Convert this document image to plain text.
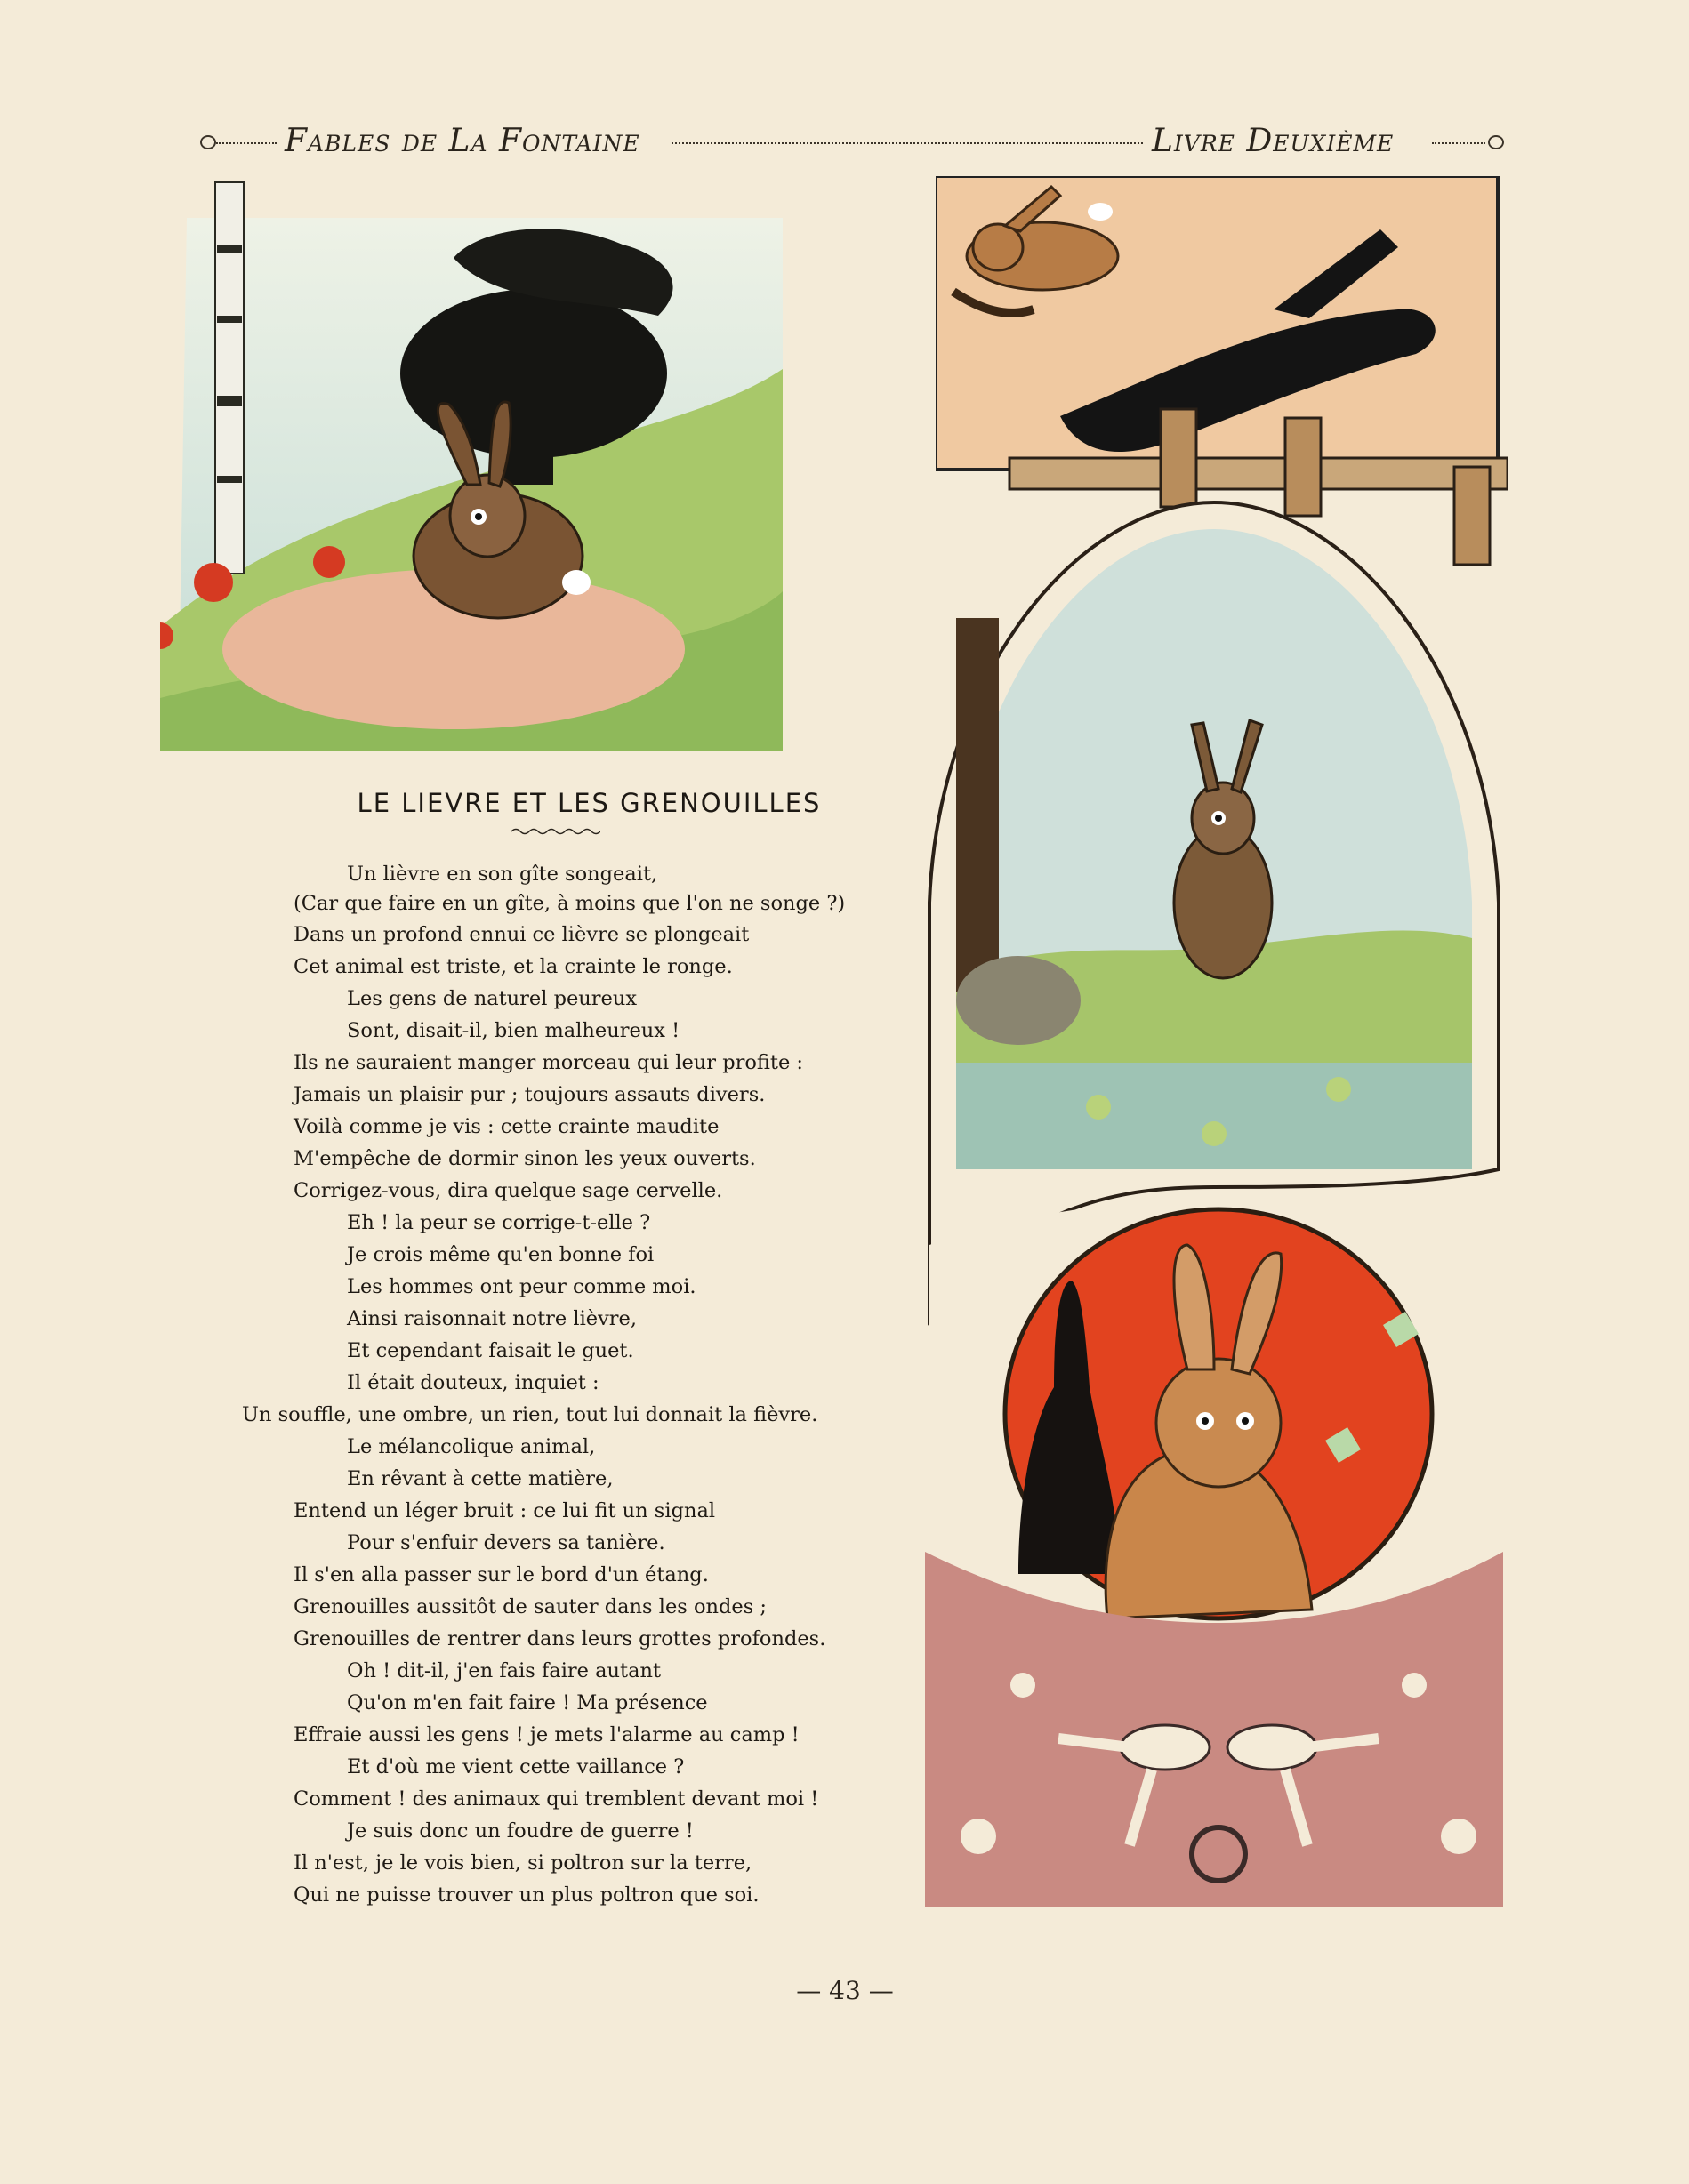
Fables de La Fontaine	Livre Deuxième
LE LIEVRE ET LES GRENOUILLES
Un lièvre en son gîte songeait,
(Car que faire en un gîte, à moins que l'on ne songe ?)
Dans un profond ennui ce lièvre se plongeait
Cet animal est triste, et la crainte le ronge.
Les gens de naturel peureux
Sont, disait-il, bien malheureux !
Ils ne sauraient manger morceau qui leur profite :
Jamais un plaisir pur ; toujours assauts divers.
Voilà comme je vis : cette crainte maudite
M'empêche de dormir sinon les yeux ouverts.
Corrigez-vous, dira quelque sage cervelle.
Eh ! la peur se corrige-t-elle ?
Je crois même qu'en bonne foi
Les hommes ont peur comme moi.
Ainsi raisonnait notre lièvre,
Et cependant faisait le guet.
Il était douteux, inquiet :
Un souffle, une ombre, un rien, tout lui donnait la fièvre.
Le mélancolique animal,
En rêvant à cette matière,
Entend un léger bruit : ce lui fit un signal
Pour s'enfuir devers sa tanière.
Il s'en alla passer sur le bord d'un étang.
Grenouilles aussitôt de sauter dans les ondes ;
Grenouilles de rentrer dans leurs grottes profondes.
Oh ! dit-il, j'en fais faire autant
Qu'on m'en fait faire ! Ma présence
Effraie aussi les gens ! je mets l'alarme au camp !
Et d'où me vient cette vaillance ?
Comment ! des animaux qui tremblent devant moi !
Je suis donc un foudre de guerre !
Il n'est, je le vois bien, si poltron sur la terre,
Qui ne puisse trouver un plus poltron que soi.
— 43 —
